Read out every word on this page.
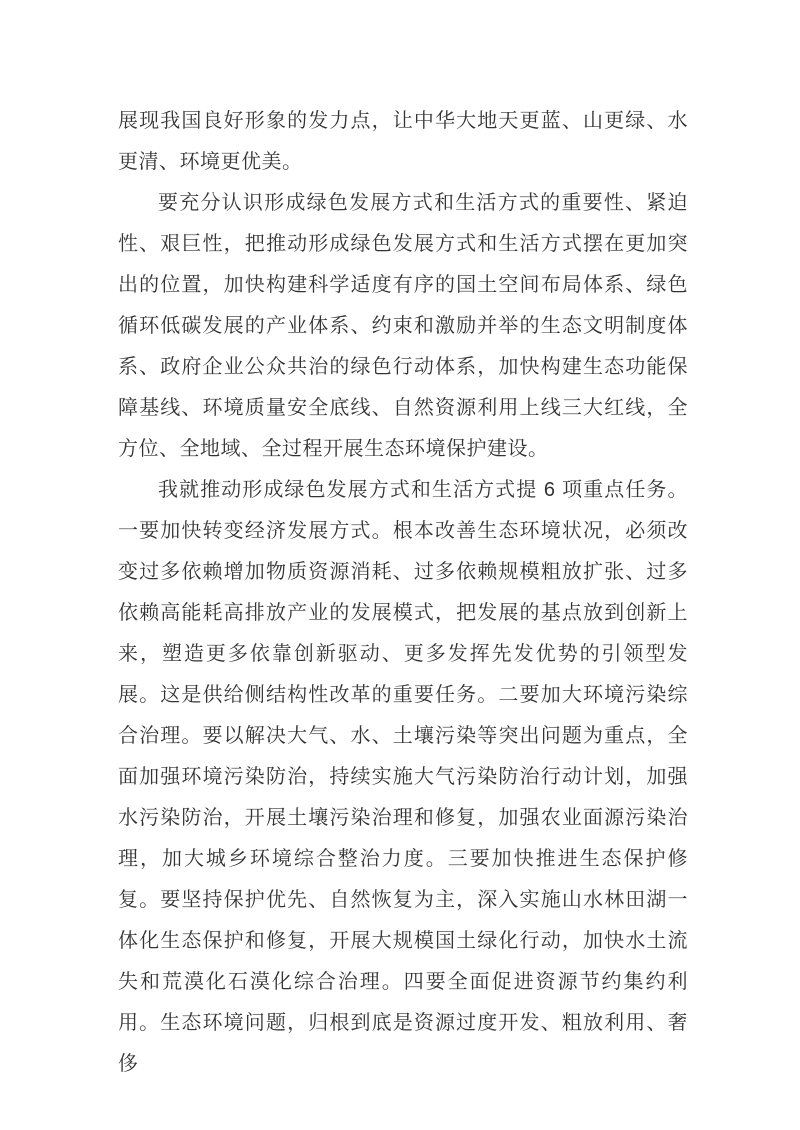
展现我国良好形象的发力点，让中华大地天更蓝、山更绿、水更清、环境更优美。

要充分认识形成绿色发展方式和生活方式的重要性、紧迫性、艰巨性，把推动形成绿色发展方式和生活方式摆在更加突出的位置，加快构建科学适度有序的国土空间布局体系、绿色循环低碳发展的产业体系、约束和激励并举的生态文明制度体系、政府企业公众共治的绿色行动体系，加快构建生态功能保障基线、环境质量安全底线、自然资源利用上线三大红线，全方位、全地域、全过程开展生态环境保护建设。

我就推动形成绿色发展方式和生活方式提 6 项重点任务。一要加快转变经济发展方式。根本改善生态环境状况，必须改变过多依赖增加物质资源消耗、过多依赖规模粗放扩张、过多依赖高能耗高排放产业的发展模式，把发展的基点放到创新上来，塑造更多依靠创新驱动、更多发挥先发优势的引领型发展。这是供给侧结构性改革的重要任务。二要加大环境污染综合治理。要以解决大气、水、土壤污染等突出问题为重点，全面加强环境污染防治，持续实施大气污染防治行动计划，加强水污染防治，开展土壤污染治理和修复，加强农业面源污染治理，加大城乡环境综合整治力度。三要加快推进生态保护修复。要坚持保护优先、自然恢复为主，深入实施山水林田湖一体化生态保护和修复，开展大规模国土绿化行动，加快水土流失和荒漠化石漠化综合治理。四要全面促进资源节约集约利用。生态环境问题，归根到底是资源过度开发、粗放利用、奢侈
